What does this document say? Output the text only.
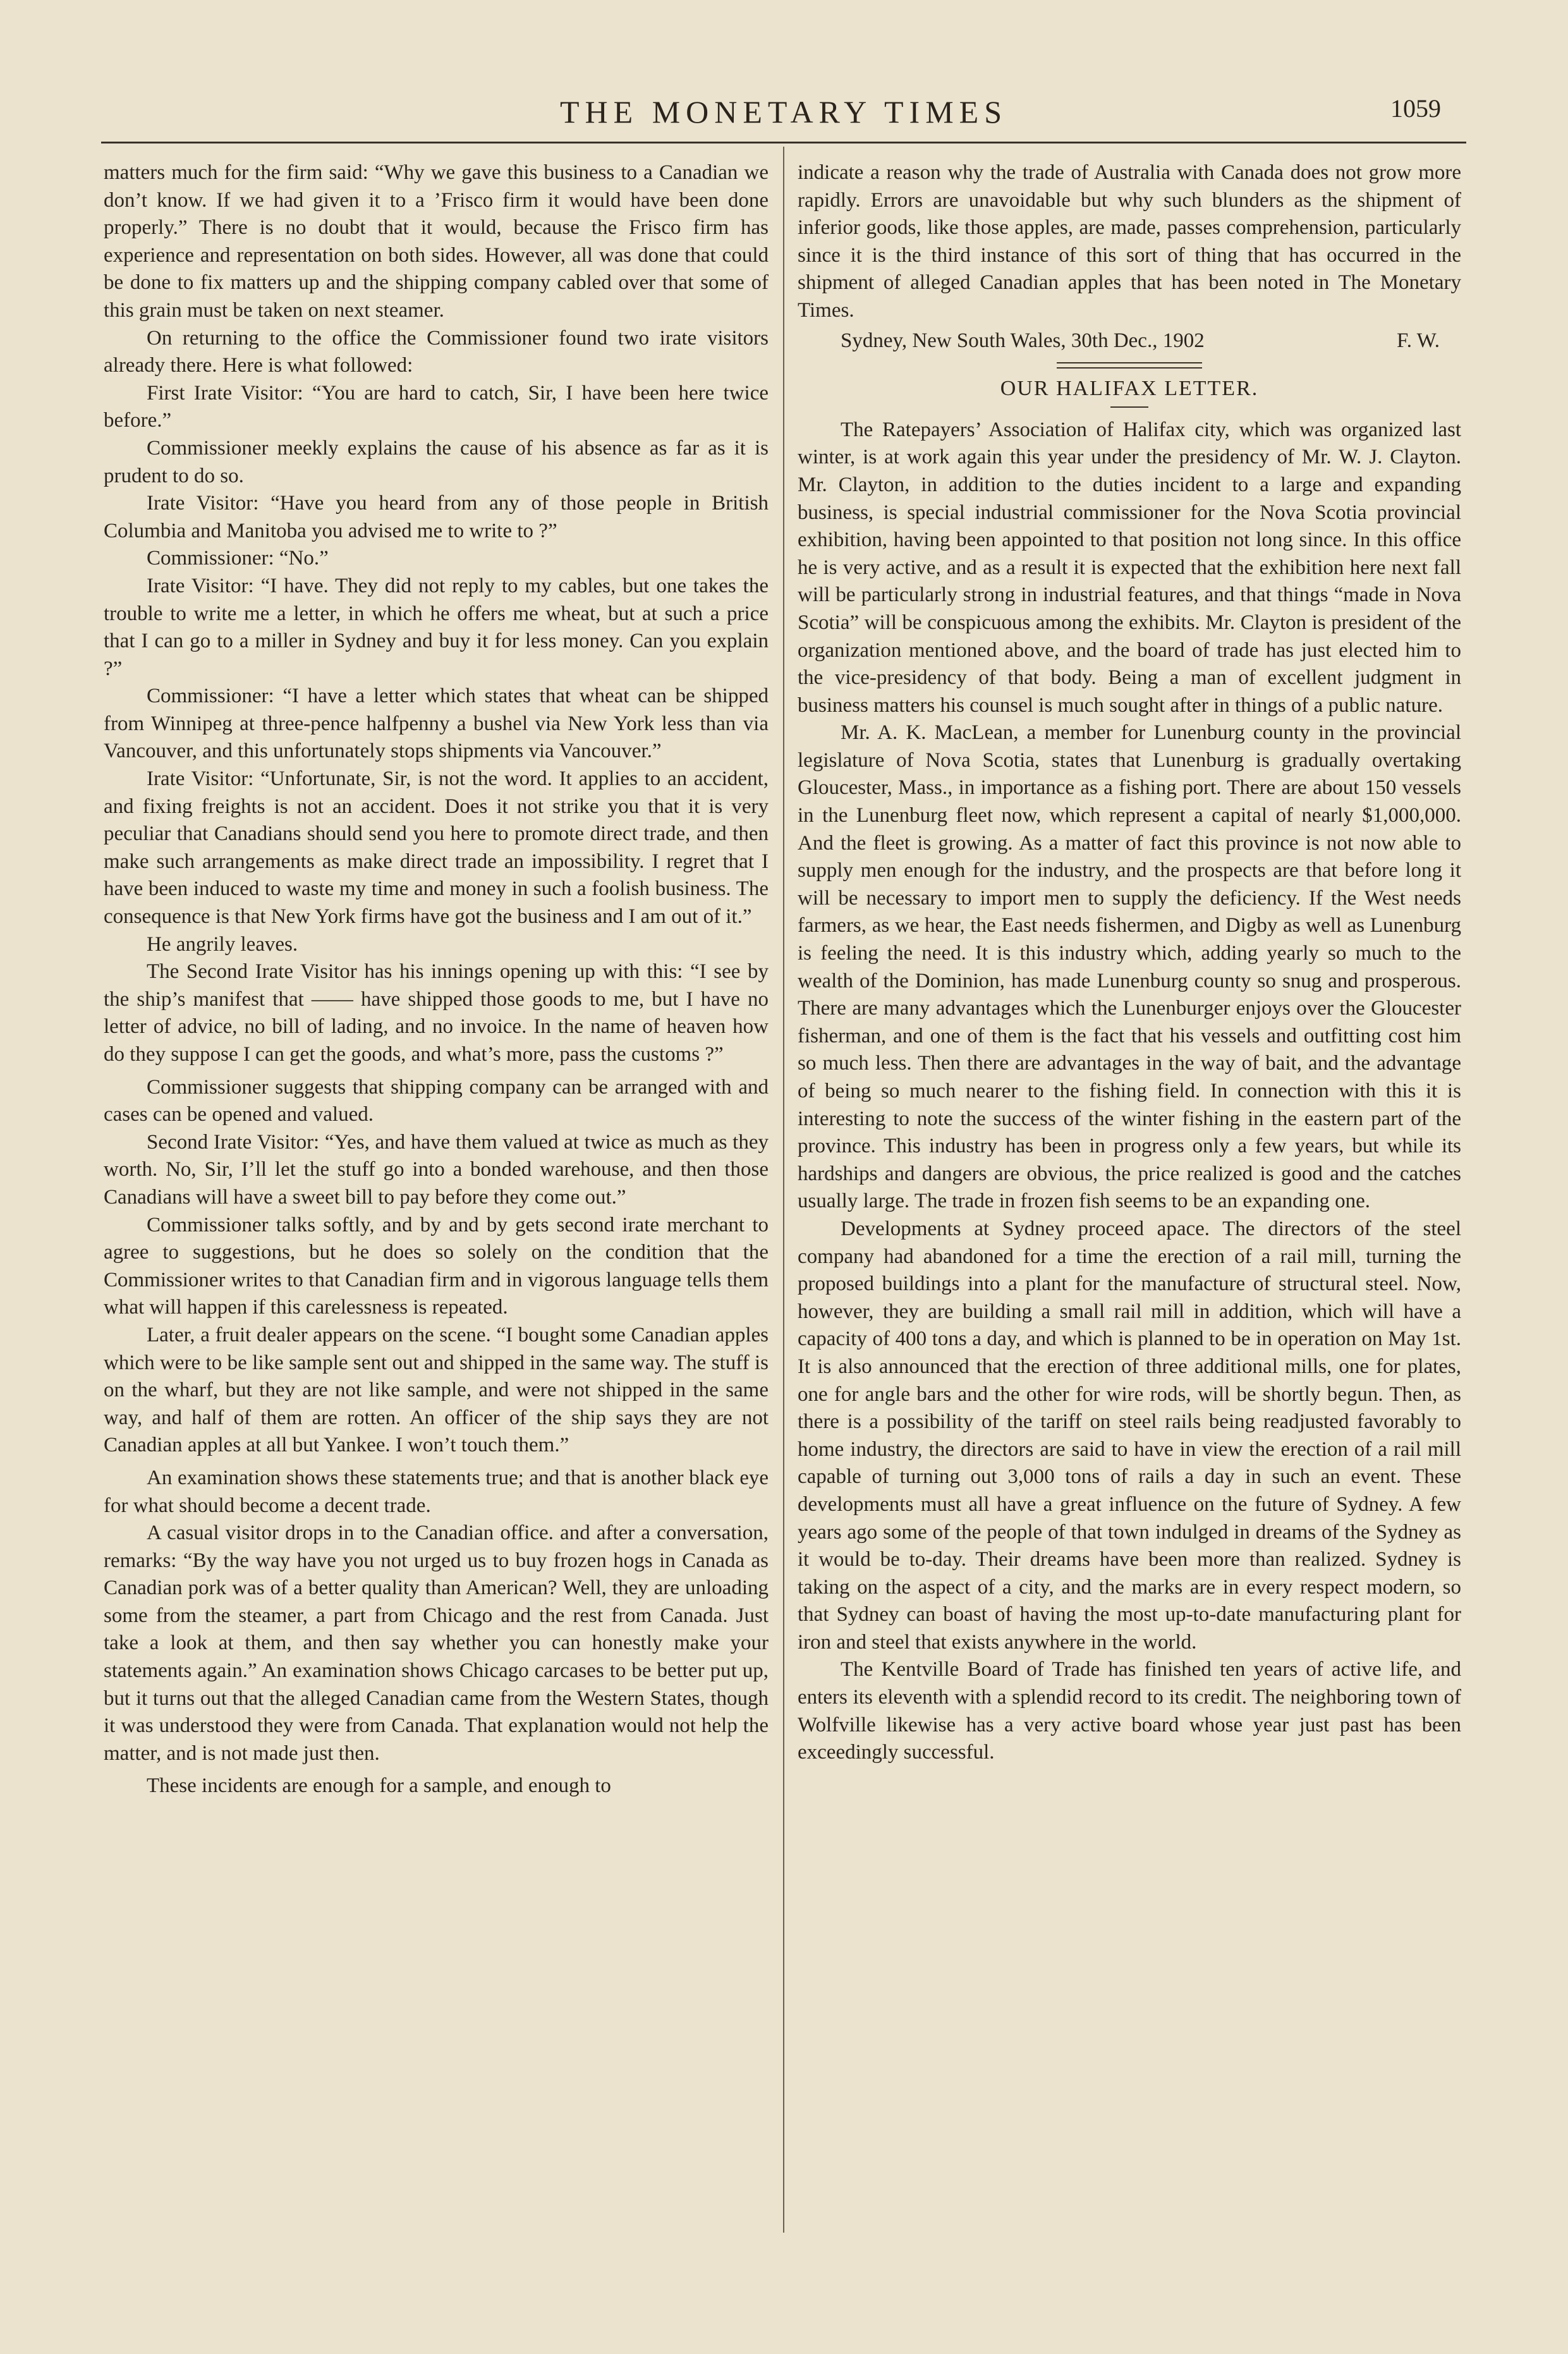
THE MONETARY TIMES	1059

matters much for the firm said: “Why we gave this business to a Canadian we don’t know. If we had given it to a ’Frisco firm it would have been done properly.” There is no doubt that it would, because the Frisco firm has experience and representation on both sides. However, all was done that could be done to fix matters up and the shipping company cabled over that some of this grain must be taken on next steamer.

On returning to the office the Commissioner found two irate visitors already there. Here is what followed:

First Irate Visitor: “You are hard to catch, Sir, I have been here twice before.”

Commissioner meekly explains the cause of his absence as far as it is prudent to do so.

Irate Visitor: “Have you heard from any of those people in British Columbia and Manitoba you advised me to write to ?”

Commissioner: “No.”

Irate Visitor: “I have. They did not reply to my cables, but one takes the trouble to write me a letter, in which he offers me wheat, but at such a price that I can go to a miller in Sydney and buy it for less money. Can you explain ?”

Commissioner: “I have a letter which states that wheat can be shipped from Winnipeg at three-pence halfpenny a bushel via New York less than via Vancouver, and this unfortunately stops shipments via Vancouver.”

Irate Visitor: “Unfortunate, Sir, is not the word. It applies to an accident, and fixing freights is not an accident. Does it not strike you that it is very peculiar that Canadians should send you here to promote direct trade, and then make such arrangements as make direct trade an impossibility. I regret that I have been induced to waste my time and money in such a foolish business. The consequence is that New York firms have got the business and I am out of it.”

He angrily leaves.

The Second Irate Visitor has his innings opening up with this: “I see by the ship’s manifest that —— have shipped those goods to me, but I have no letter of advice, no bill of lading, and no invoice. In the name of heaven how do they suppose I can get the goods, and what’s more, pass the customs ?”

Commissioner suggests that shipping company can be arranged with and cases can be opened and valued.

Second Irate Visitor: “Yes, and have them valued at twice as much as they worth. No, Sir, I’ll let the stuff go into a bonded warehouse, and then those Canadians will have a sweet bill to pay before they come out.”

Commissioner talks softly, and by and by gets second irate merchant to agree to suggestions, but he does so solely on the condition that the Commissioner writes to that Canadian firm and in vigorous language tells them what will happen if this carelessness is repeated.

Later, a fruit dealer appears on the scene. “I bought some Canadian apples which were to be like sample sent out and shipped in the same way. The stuff is on the wharf, but they are not like sample, and were not shipped in the same way, and half of them are rotten. An officer of the ship says they are not Canadian apples at all but Yankee. I won’t touch them.”

An examination shows these statements true; and that is another black eye for what should become a decent trade.

A casual visitor drops in to the Canadian office. and after a conversation, remarks: “By the way have you not urged us to buy frozen hogs in Canada as Canadian pork was of a better quality than American? Well, they are unloading some from the steamer, a part from Chicago and the rest from Canada. Just take a look at them, and then say whether you can honestly make your statements again.” An examination shows Chicago carcases to be better put up, but it turns out that the alleged Canadian came from the Western States, though it was understood they were from Canada. That explanation would not help the matter, and is not made just then.

These incidents are enough for a sample, and enough to

indicate a reason why the trade of Australia with Canada does not grow more rapidly. Errors are unavoidable but why such blunders as the shipment of inferior goods, like those apples, are made, passes comprehension, particularly since it is the third instance of this sort of thing that has occurred in the shipment of alleged Canadian apples that has been noted in The Monetary Times.

Sydney, New South Wales, 30th Dec., 1902	F. W.
OUR HALIFAX LETTER.

The Ratepayers’ Association of Halifax city, which was organized last winter, is at work again this year under the presidency of Mr. W. J. Clayton. Mr. Clayton, in addition to the duties incident to a large and expanding business, is special industrial commissioner for the Nova Scotia provincial exhibition, having been appointed to that position not long since. In this office he is very active, and as a result it is expected that the exhibition here next fall will be particularly strong in industrial features, and that things “made in Nova Scotia” will be conspicuous among the exhibits. Mr. Clayton is president of the organization mentioned above, and the board of trade has just elected him to the vice-presidency of that body. Being a man of excellent judgment in business matters his counsel is much sought after in things of a public nature.

Mr. A. K. MacLean, a member for Lunenburg county in the provincial legislature of Nova Scotia, states that Lunenburg is gradually overtaking Gloucester, Mass., in importance as a fishing port. There are about 150 vessels in the Lunenburg fleet now, which represent a capital of nearly $1,000,000. And the fleet is growing. As a matter of fact this province is not now able to supply men enough for the industry, and the prospects are that before long it will be necessary to import men to supply the deficiency. If the West needs farmers, as we hear, the East needs fishermen, and Digby as well as Lunenburg is feeling the need. It is this industry which, adding yearly so much to the wealth of the Dominion, has made Lunenburg county so snug and prosperous. There are many advantages which the Lunenburger enjoys over the Gloucester fisherman, and one of them is the fact that his vessels and outfitting cost him so much less. Then there are advantages in the way of bait, and the advantage of being so much nearer to the fishing field. In connection with this it is interesting to note the success of the winter fishing in the eastern part of the province. This industry has been in progress only a few years, but while its hardships and dangers are obvious, the price realized is good and the catches usually large. The trade in frozen fish seems to be an expanding one.

Developments at Sydney proceed apace. The directors of the steel company had abandoned for a time the erection of a rail mill, turning the proposed buildings into a plant for the manufacture of structural steel. Now, however, they are building a small rail mill in addition, which will have a capacity of 400 tons a day, and which is planned to be in operation on May 1st. It is also announced that the erection of three additional mills, one for plates, one for angle bars and the other for wire rods, will be shortly begun. Then, as there is a possibility of the tariff on steel rails being readjusted favorably to home industry, the directors are said to have in view the erection of a rail mill capable of turning out 3,000 tons of rails a day in such an event. These developments must all have a great influence on the future of Sydney. A few years ago some of the people of that town indulged in dreams of the Sydney as it would be to-day. Their dreams have been more than realized. Sydney is taking on the aspect of a city, and the marks are in every respect modern, so that Sydney can boast of having the most up-to-date manufacturing plant for iron and steel that exists anywhere in the world.

The Kentville Board of Trade has finished ten years of active life, and enters its eleventh with a splendid record to its credit. The neighboring town of Wolfville likewise has a very active board whose year just past has been exceedingly successful.
